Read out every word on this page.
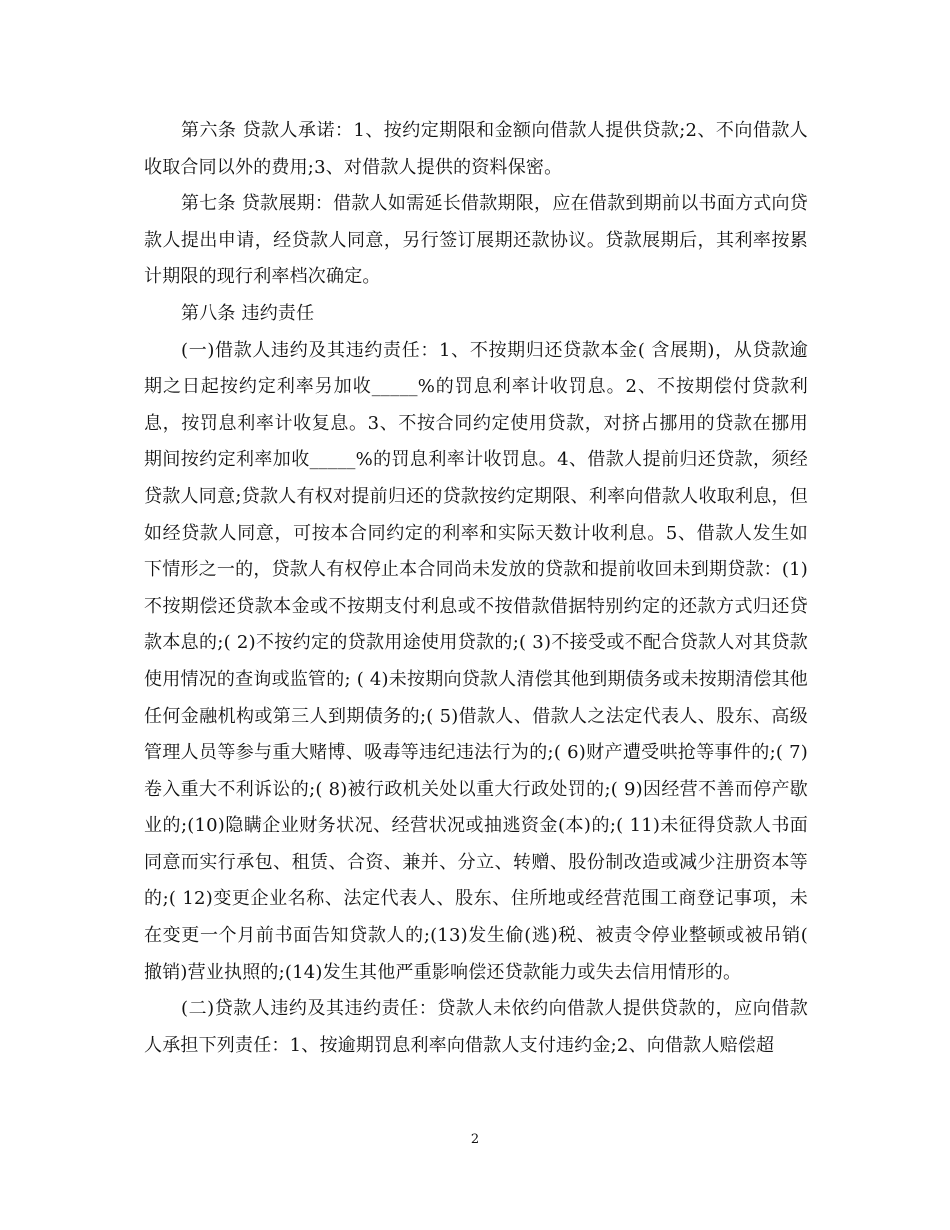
第六条 贷款人承诺：1、按约定期限和金额向借款人提供贷款;2、不向借款人收取合同以外的费用;3、对借款人提供的资料保密。

第七条 贷款展期：借款人如需延长借款期限，应在借款到期前以书面方式向贷款人提出申请，经贷款人同意，另行签订展期还款协议。贷款展期后，其利率按累计期限的现行利率档次确定。

第八条 违约责任

(一)借款人违约及其违约责任：1、不按期归还贷款本金( 含展期)，从贷款逾期之日起按约定利率另加收_____%的罚息利率计收罚息。2、不按期偿付贷款利息，按罚息利率计收复息。3、不按合同约定使用贷款，对挤占挪用的贷款在挪用期间按约定利率加收_____%的罚息利率计收罚息。4、借款人提前归还贷款，须经贷款人同意;贷款人有权对提前归还的贷款按约定期限、利率向借款人收取利息，但如经贷款人同意，可按本合同约定的利率和实际天数计收利息。5、借款人发生如下情形之一的，贷款人有权停止本合同尚未发放的贷款和提前收回未到期贷款：(1)不按期偿还贷款本金或不按期支付利息或不按借款借据特别约定的还款方式归还贷款本息的;( 2)不按约定的贷款用途使用贷款的;( 3)不接受或不配合贷款人对其贷款使用情况的查询或监管的; ( 4)未按期向贷款人清偿其他到期债务或未按期清偿其他任何金融机构或第三人到期债务的;( 5)借款人、借款人之法定代表人、股东、高级管理人员等参与重大赌博、吸毒等违纪违法行为的;( 6)财产遭受哄抢等事件的;( 7)卷入重大不利诉讼的;( 8)被行政机关处以重大行政处罚的;( 9)因经营不善而停产歇业的;(10)隐瞒企业财务状况、经营状况或抽逃资金(本)的;( 11)未征得贷款人书面同意而实行承包、租赁、合资、兼并、分立、转赠、股份制改造或减少注册资本等的;( 12)变更企业名称、法定代表人、股东、住所地或经营范围工商登记事项，未在变更一个月前书面告知贷款人的;(13)发生偷(逃)税、被责令停业整顿或被吊销( 撤销)营业执照的;(14)发生其他严重影响偿还贷款能力或失去信用情形的。

(二)贷款人违约及其违约责任：贷款人未依约向借款人提供贷款的，应向借款人承担下列责任：1、按逾期罚息利率向借款人支付违约金;2、向借款人赔偿超

2
